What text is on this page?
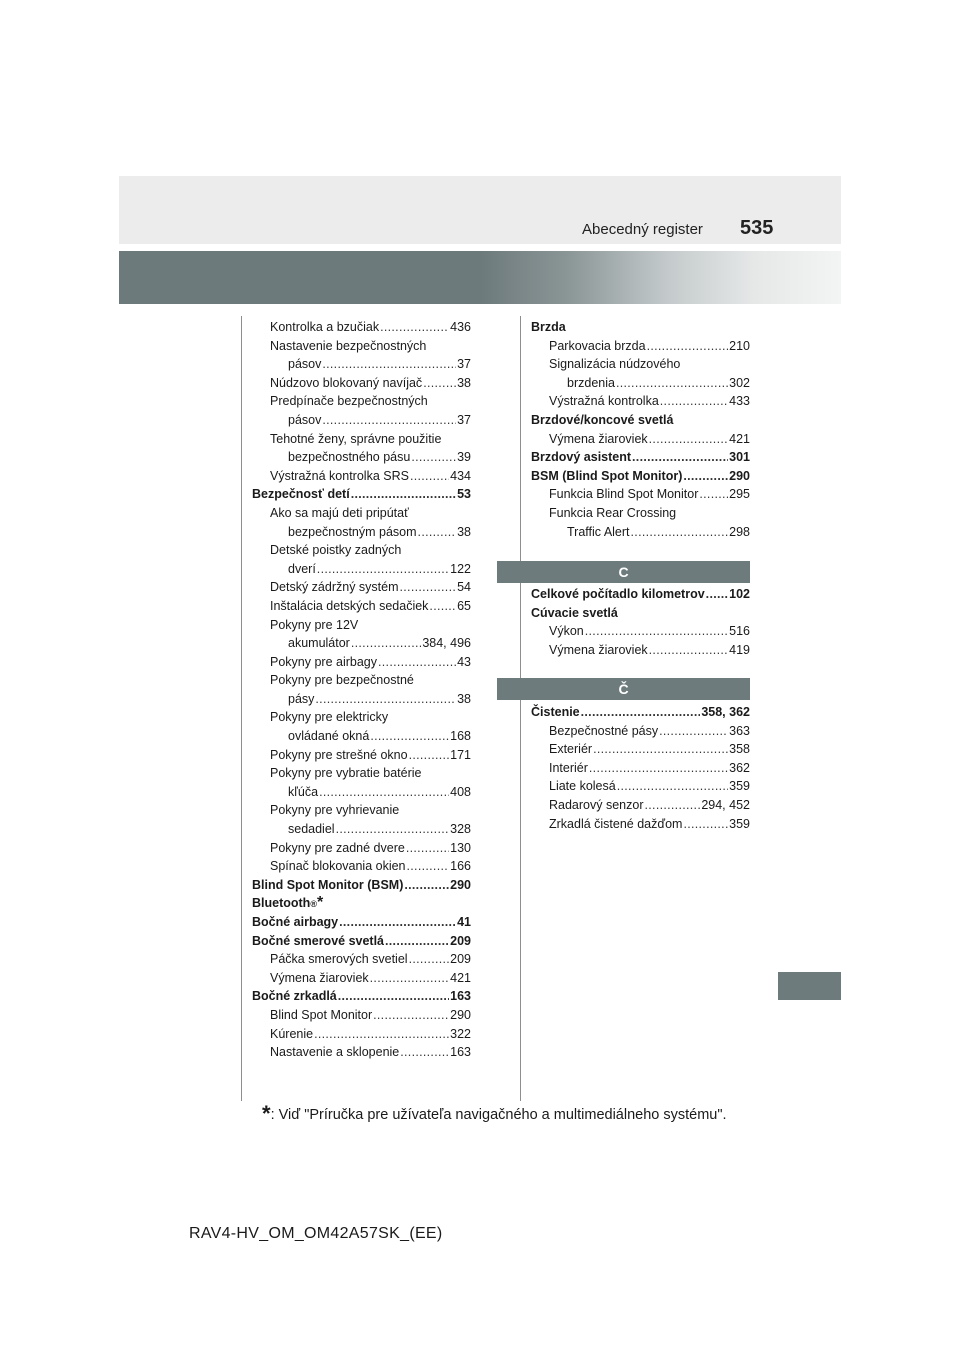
Abecedný register 535
Kontrolka a bzučiak .....	436
Nastavenie bezpečnostných
pásov .....	37
Núdzovo blokovaný navíjač .....	38
Predpínače bezpečnostných
pásov .....	37
Tehotné ženy, správne použitie
bezpečnostného pásu .....	39
Výstražná kontrolka SRS .....	434
Bezpečnosť detí .....	53
Ako sa majú deti pripútať
bezpečnostným pásom .....	38
Detské poistky zadných
dverí .....	122
Detský zádržný systém .....	54
Inštalácia detských sedačiek ..... 65
Pokyny pre 12V
akumulátor .....	384, 496
Pokyny pre airbagy .....	43
Pokyny pre bezpečnostné
pásy .....	38
Pokyny pre elektricky
ovládané okná .....	168
Pokyny pre strešné okno .....	171
Pokyny pre vybratie batérie
kľúča .....	408
Pokyny pre vyhrievanie
sedadiel .....	328
Pokyny pre zadné dvere .....	130
Spínač blokovania okien .....	166
Blind Spot Monitor (BSM) .....	290
Bluetooth ® *
Bočné airbagy .....	41
Bočné smerové svetlá .....	209
Páčka smerových svetiel .....	209
Výmena žiaroviek .....	421
Bočné zrkadlá .....	163
Blind Spot Monitor .....	290
Kúrenie .....	322
Nastavenie a sklopenie .....	163
Brzda
Parkovacia brzda .....	210
Signalizácia núdzového
brzdenia .....	302
Výstražná kontrolka .....	433
Brzdové/koncové svetlá
Výmena žiaroviek .....	421
Brzdový asistent .....	301
BSM (Blind Spot Monitor) .....	290
Funkcia Blind Spot Monitor ..... 295
Funkcia Rear Crossing
Traffic Alert .....	298
C
Celkové počítadlo kilometrov ..... 102
Cúvacie svetlá
Výkon .....	516
Výmena žiaroviek .....	419
Č
Čistenie .....	358, 362
Bezpečnostné pásy .....	363
Exteriér .....	358
Interiér .....	362
Liate kolesá .....	359
Radarový senzor .....	294, 452
Zrkadlá čistené dažďom .....	359
*: Viď "Príručka pre užívateľa navigačného a multimediálneho systému".
RAV4-HV_OM_OM42A57SK_(EE)
